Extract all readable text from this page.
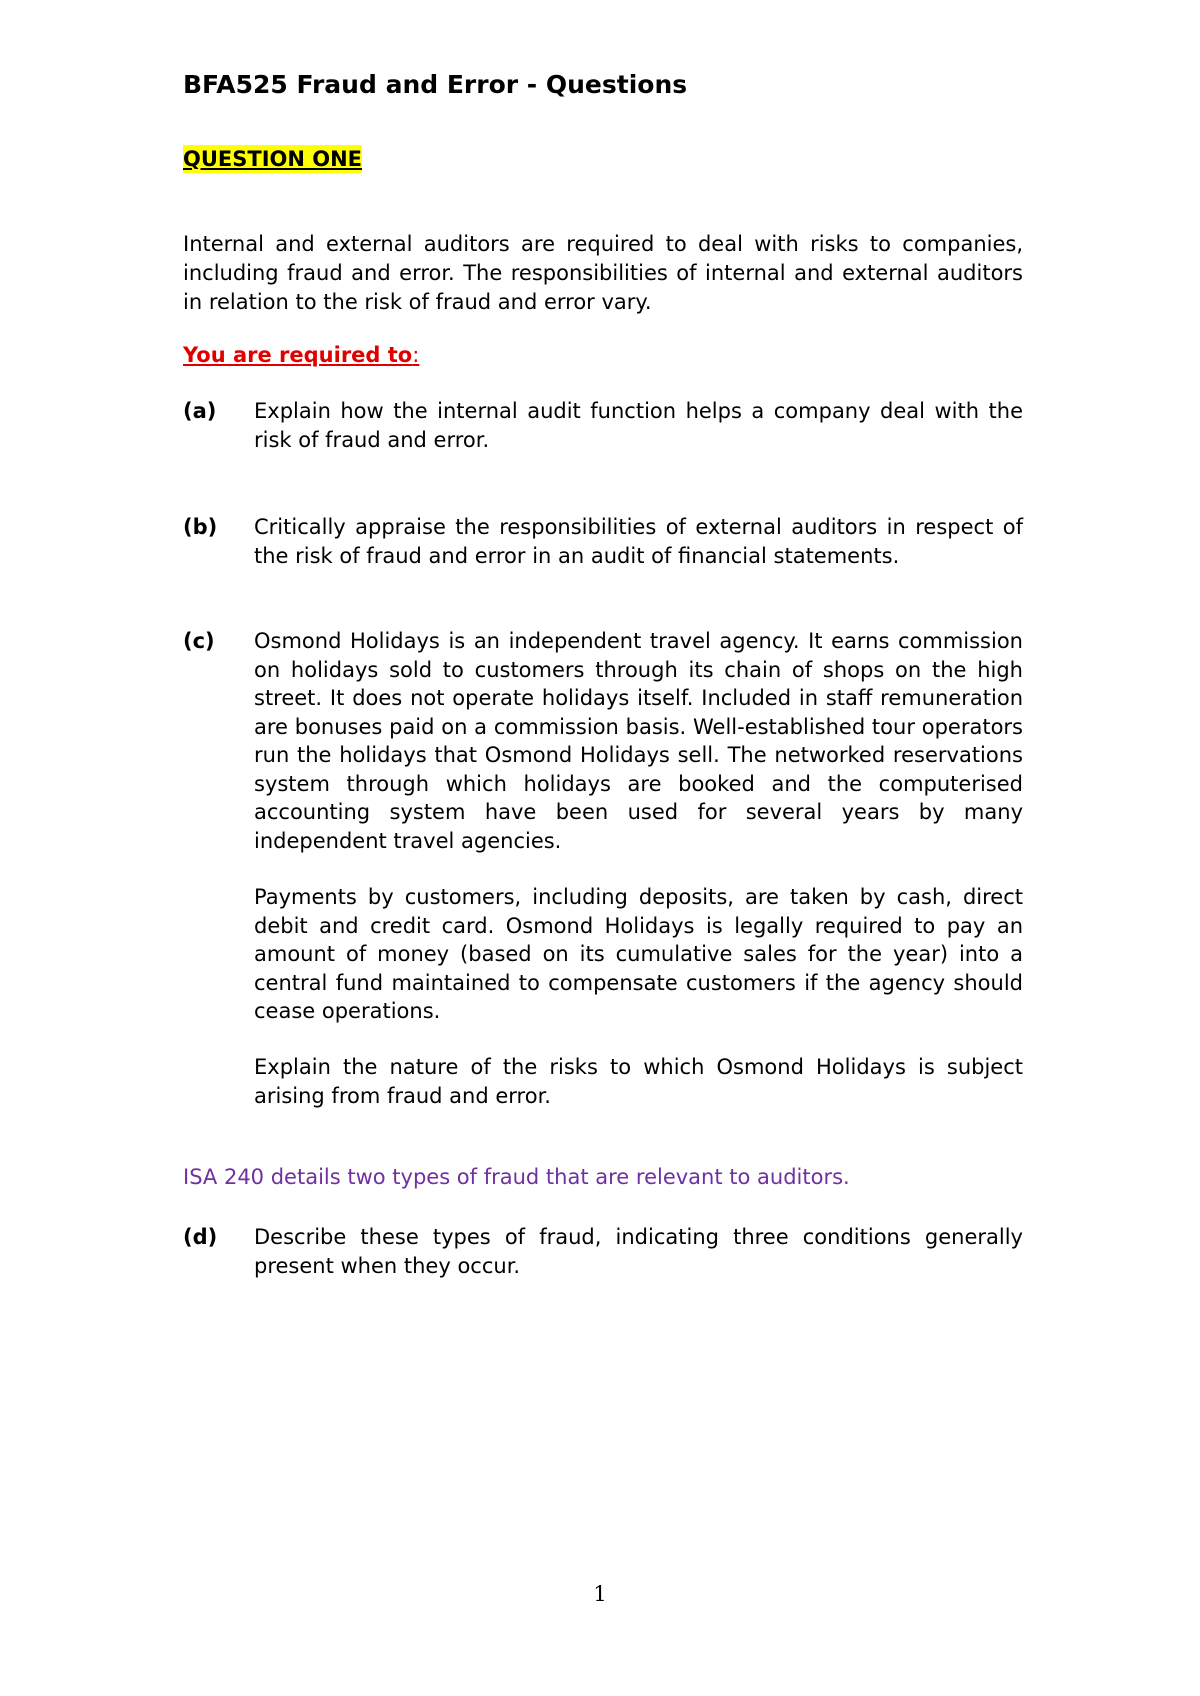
BFA525 Fraud and Error - Questions
QUESTION ONE
Internal and external auditors are required to deal with risks to companies, including fraud and error. The responsibilities of internal and external auditors in relation to the risk of fraud and error vary.
You are required to:
(a) Explain how the internal audit function helps a company deal with the risk of fraud and error.
(b) Critically appraise the responsibilities of external auditors in respect of the risk of fraud and error in an audit of financial statements.
(c) Osmond Holidays is an independent travel agency. It earns commission on holidays sold to customers through its chain of shops on the high street. It does not operate holidays itself. Included in staff remuneration are bonuses paid on a commission basis. Well-established tour operators run the holidays that Osmond Holidays sell. The networked reservations system through which holidays are booked and the computerised accounting system have been used for several years by many independent travel agencies.
Payments by customers, including deposits, are taken by cash, direct debit and credit card. Osmond Holidays is legally required to pay an amount of money (based on its cumulative sales for the year) into a central fund maintained to compensate customers if the agency should cease operations.
Explain the nature of the risks to which Osmond Holidays is subject arising from fraud and error.
ISA 240 details two types of fraud that are relevant to auditors.
(d) Describe these types of fraud, indicating three conditions generally present when they occur.
1
